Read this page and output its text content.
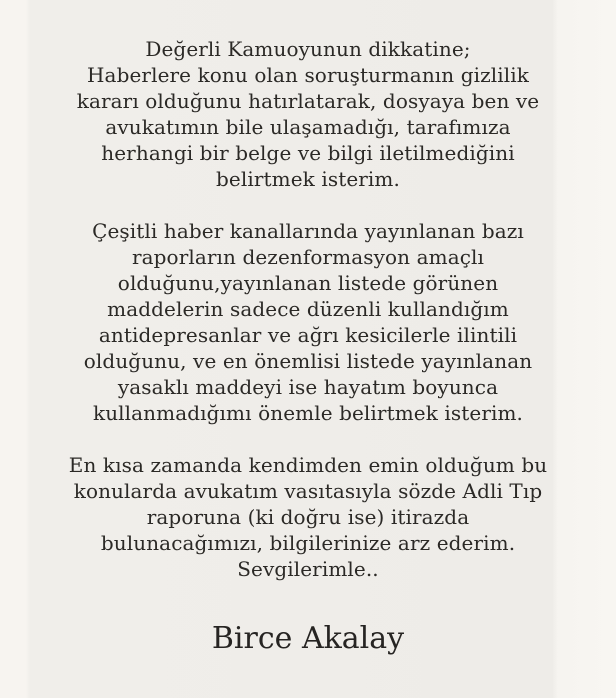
Değerli Kamuoyunun dikkatine;
Haberlere konu olan soruşturmanın gizlilik
kararı olduğunu hatırlatarak, dosyaya ben ve
avukatımın bile ulaşamadığı, tarafımıza
herhangi bir belge ve bilgi iletilmediğini
belirtmek isterim.
Çeşitli haber kanallarında yayınlanan bazı
raporların dezenformasyon amaçlı
olduğunu,yayınlanan listede görünen
maddelerin sadece düzenli kullandığım
antidepresanlar ve ağrı kesicilerle ilintili
olduğunu, ve en önemlisi listede yayınlanan
yasaklı maddeyi ise hayatım boyunca
kullanmadığımı önemle belirtmek isterim.
En kısa zamanda kendimden emin olduğum bu
konularda avukatım vasıtasıyla sözde Adli Tıp
raporuna (ki doğru ise) itirazda
bulunacağımızı, bilgilerinize arz ederim.
Sevgilerimle..
Birce Akalay
